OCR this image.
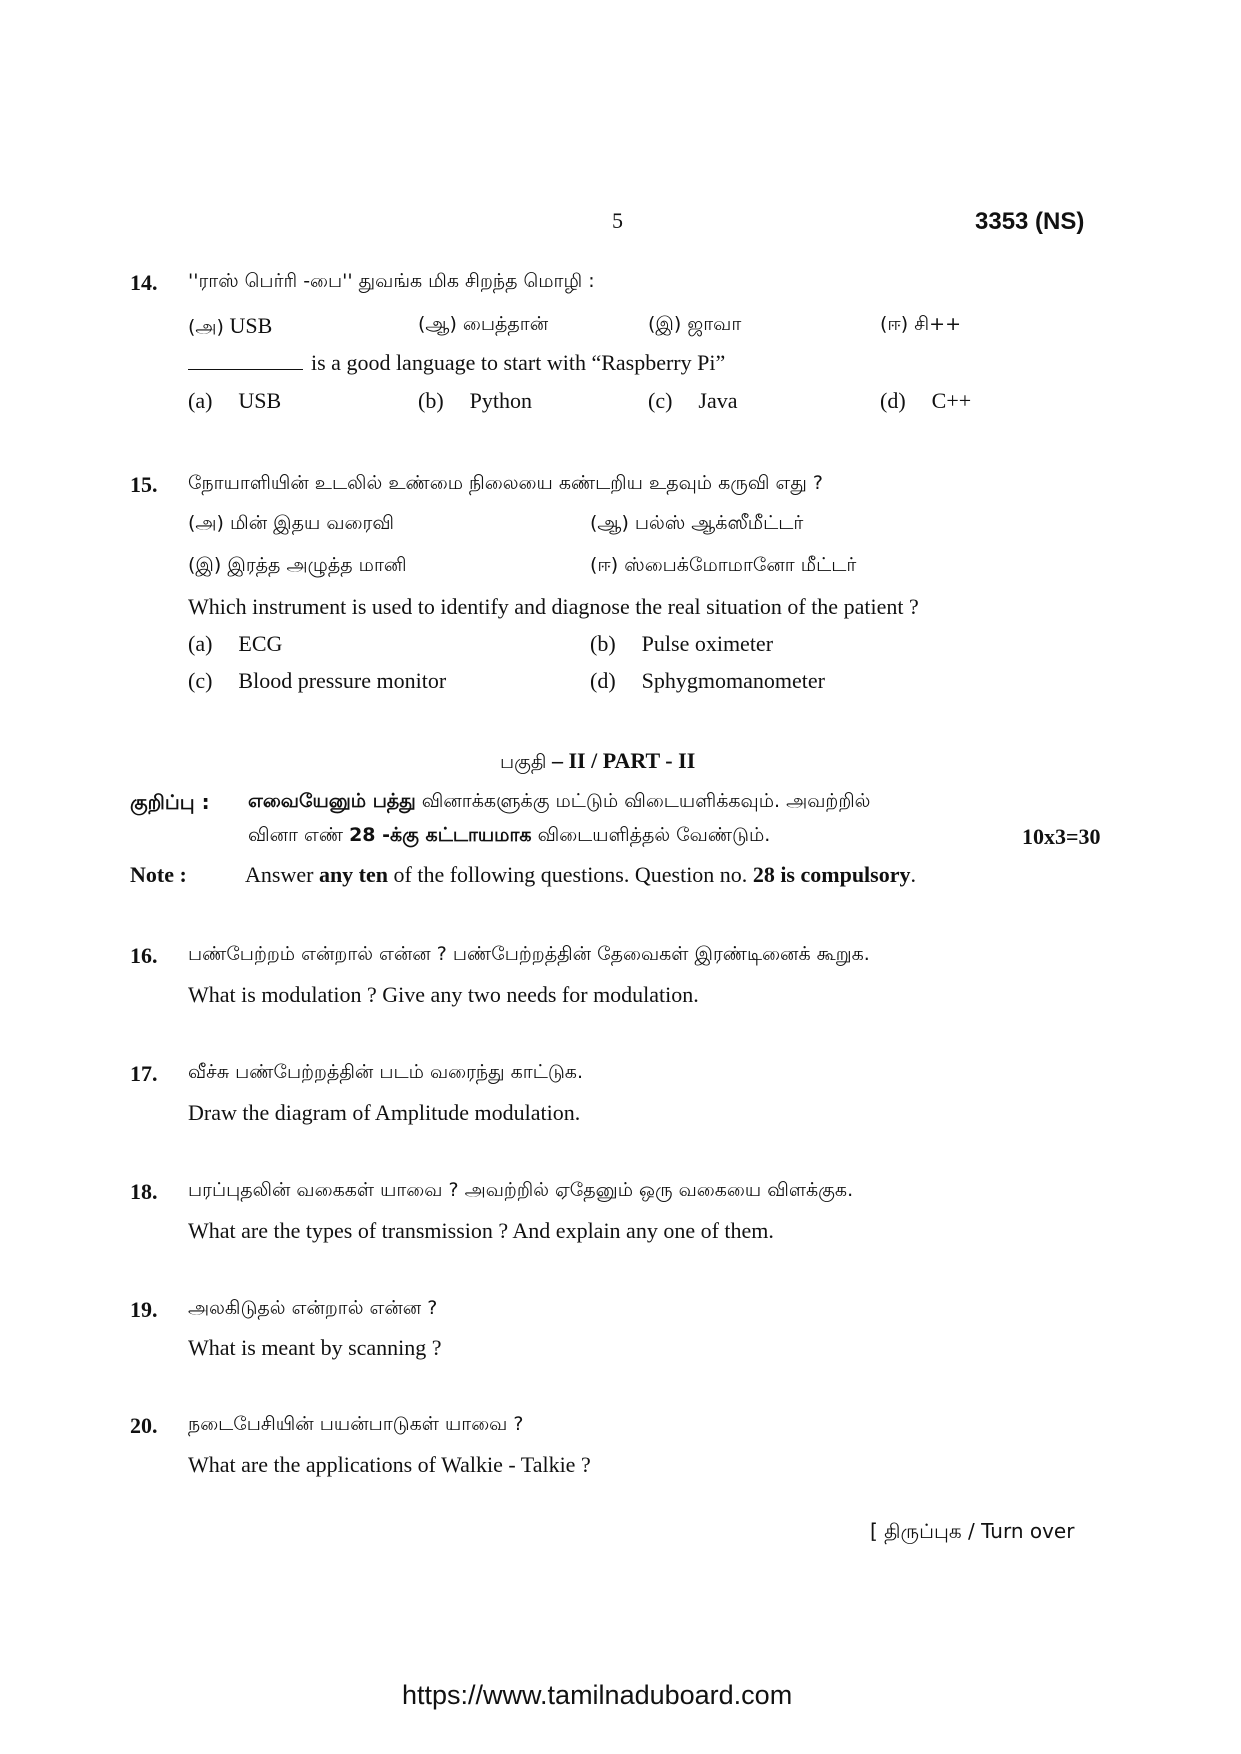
5	3353 (NS)
14. ''ராஸ் பெர்ரி -பை'' துவங்க மிக சிறந்த மொழி :
(அ) USB	(ஆ) பைத்தான்	(இ) ஜாவா	(ஈ) சி++
is a good language to start with “Raspberry Pi”
(a) USB	(b) Python	(c) Java	(d) C++
15. நோயாளியின் உடலில் உண்மை நிலையை கண்டறிய உதவும் கருவி எது ?
(அ) மின் இதய வரைவி	(ஆ) பல்ஸ் ஆக்ஸீமீட்டர்
(இ) இரத்த அழுத்த மானி	(ஈ) ஸ்பைக்மோமானோ மீட்டர்
Which instrument is used to identify and diagnose the real situation of the patient ?
(a) ECG	(b) Pulse oximeter
(c) Blood pressure monitor	(d) Sphygmomanometer
பகுதி – II / PART - II
குறிப்பு : எவையேனும் பத்து வினாக்களுக்கு மட்டும் விடையளிக்கவும். அவற்றில்
வினா எண் 28 -க்கு கட்டாயமாக விடையளித்தல் வேண்டும்.	10x3=30
Note :	Answer any ten of the following questions. Question no. 28 is compulsory.
16. பண்பேற்றம் என்றால் என்ன ? பண்பேற்றத்தின் தேவைகள் இரண்டினைக் கூறுக.
What is modulation ? Give any two needs for modulation.
17. வீச்சு பண்பேற்றத்தின் படம் வரைந்து காட்டுக.
Draw the diagram of Amplitude modulation.
18. பரப்புதலின் வகைகள் யாவை ? அவற்றில் ஏதேனும் ஒரு வகையை விளக்குக.
What are the types of transmission ? And explain any one of them.
19. அலகிடுதல் என்றால் என்ன ?
What is meant by scanning ?
20. நடைபேசியின் பயன்பாடுகள் யாவை ?
What are the applications of Walkie - Talkie ?
[ திருப்புக / Turn over
https://www.tamilnaduboard.com
